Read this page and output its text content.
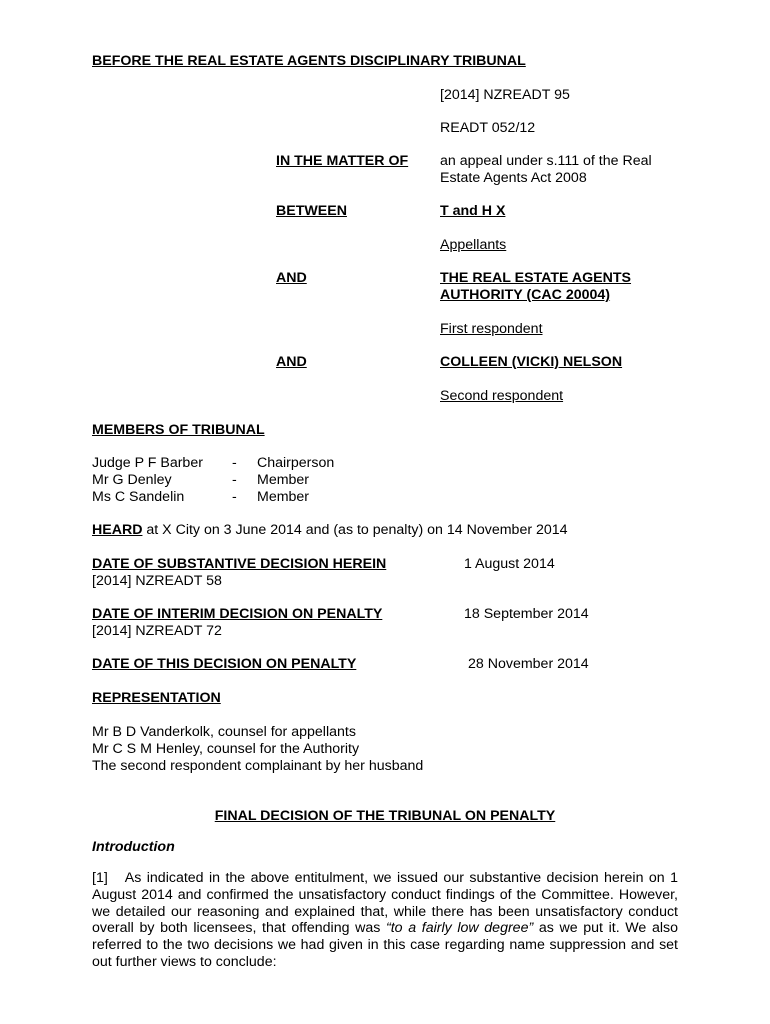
BEFORE THE REAL ESTATE AGENTS DISCIPLINARY TRIBUNAL
[2014] NZREADT 95
READT 052/12
IN THE MATTER OF an appeal under s.111 of the Real
Estate Agents Act 2008
BETWEEN	T and H X
Appellants
AND	THE REAL ESTATE AGENTS
AUTHORITY (CAC 20004)
First respondent
AND	COLLEEN (VICKI) NELSON
Second respondent
MEMBERS OF TRIBUNAL
Judge P F Barber - Chairperson
Mr G Denley	- Member
Ms C Sandelin	- Member
HEARD at X City on 3 June 2014 and (as to penalty) on 14 November 2014
DATE OF SUBSTANTIVE DECISION HEREIN
[2014] NZREADT 58
1 August 2014
DATE OF INTERIM DECISION ON PENALTY
[2014] NZREADT 72
18 September 2014
DATE OF THIS DECISION ON PENALTY	28 November 2014
REPRESENTATION
Mr B D Vanderkolk, counsel for appellants
Mr C S M Henley, counsel for the Authority
The second respondent complainant by her husband
FINAL DECISION OF THE TRIBUNAL ON PENALTY
Introduction
[1] As indicated in the above entitulment, we issued our substantive decision herein on 1 August 2014 and confirmed the unsatisfactory conduct findings of the Committee. However, we detailed our reasoning and explained that, while there has been unsatisfactory conduct overall by both licensees, that offending was “to a fairly low degree” as we put it. We also referred to the two decisions we had given in this case regarding name suppression and set out further views to conclude:
